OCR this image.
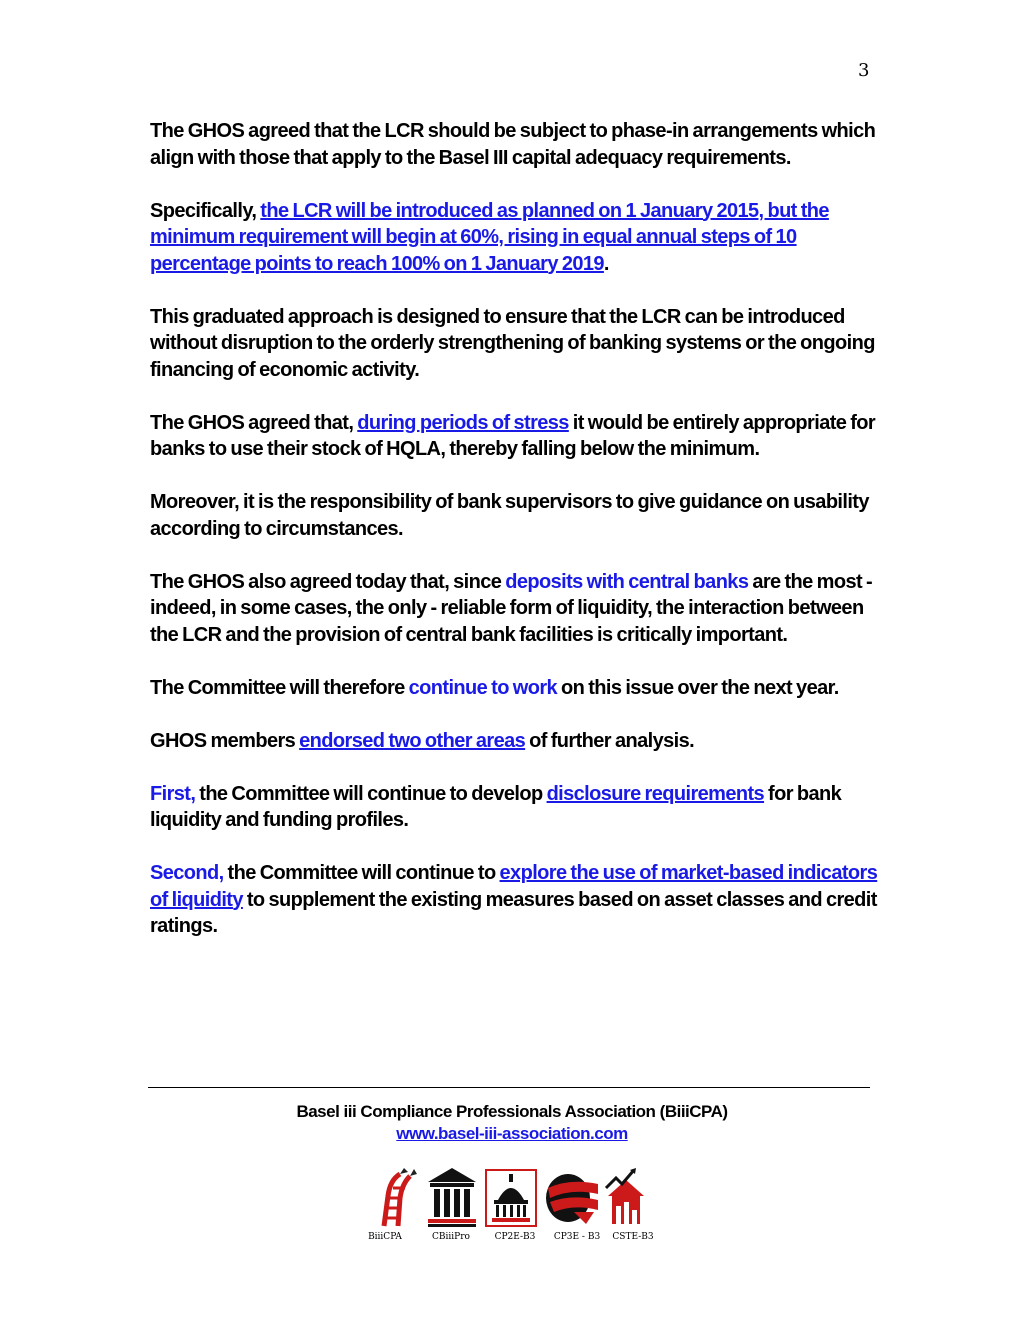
3

The GHOS agreed that the LCR should be subject to phase-in arrangements which align with those that apply to the Basel III capital adequacy requirements.

Specifically, the LCR will be introduced as planned on 1 January 2015, but the minimum requirement will begin at 60%, rising in equal annual steps of 10 percentage points to reach 100% on 1 January 2019.

This graduated approach is designed to ensure that the LCR can be introduced without disruption to the orderly strengthening of banking systems or the ongoing financing of economic activity.

The GHOS agreed that, during periods of stress it would be entirely appropriate for banks to use their stock of HQLA, thereby falling below the minimum.

Moreover, it is the responsibility of bank supervisors to give guidance on usability according to circumstances.

The GHOS also agreed today that, since deposits with central banks are the most - indeed, in some cases, the only - reliable form of liquidity, the interaction between the LCR and the provision of central bank facilities is critically important.

The Committee will therefore continue to work on this issue over the next year.

GHOS members endorsed two other areas of further analysis.

First, the Committee will continue to develop disclosure requirements for bank liquidity and funding profiles.

Second, the Committee will continue to explore the use of market-based indicators of liquidity to supplement the existing measures based on asset classes and credit ratings.

Basel iii Compliance Professionals Association (BiiiCPA)
www.basel-iii-association.com
BiiiCPA	CBiiiPro	CP2E-B3	CP3E - B3	CSTE-B3
